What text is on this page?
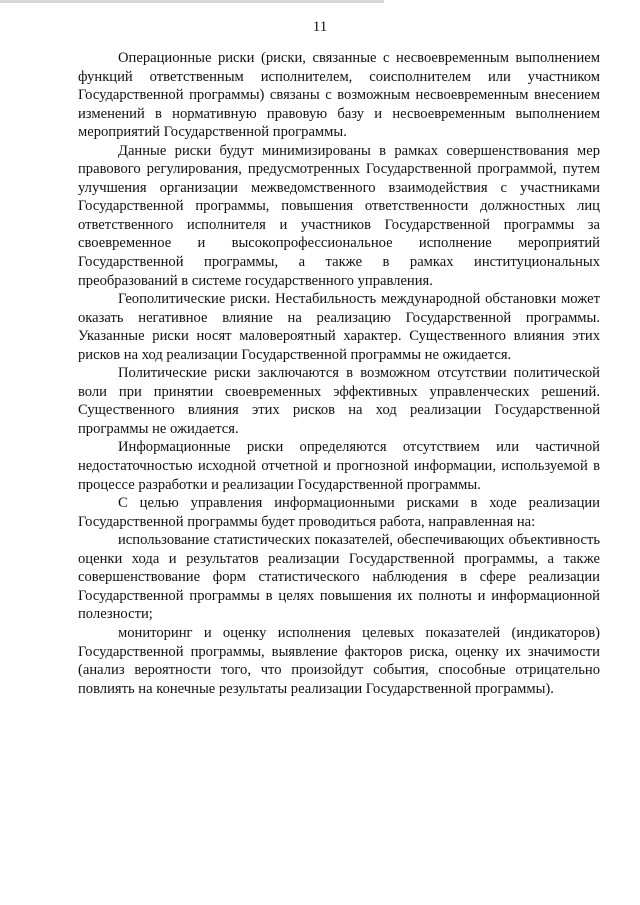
11

Операционные риски (риски, связанные с несвоевременным выполнением функций ответственным исполнителем, соисполнителем или участником Государственной программы) связаны с возможным несвоевременным внесением изменений в нормативную правовую базу и несвоевременным выполнением мероприятий Государственной программы.

Данные риски будут минимизированы в рамках совершенствования мер правового регулирования, предусмотренных Государственной программой, путем улучшения организации межведомственного взаимодействия с участниками Государственной программы, повышения ответственности должностных лиц ответственного исполнителя и участников Государственной программы за своевременное и высокопрофессиональное исполнение мероприятий Государственной программы, а также в рамках институциональных преобразований в системе государственного управления.

Геополитические риски. Нестабильность международной обстановки может оказать негативное влияние на реализацию Государственной программы. Указанные риски носят маловероятный характер. Существенного влияния этих рисков на ход реализации Государственной программы не ожидается.

Политические риски заключаются в возможном отсутствии политической воли при принятии своевременных эффективных управленческих решений. Существенного влияния этих рисков на ход реализации Государственной программы не ожидается.

Информационные риски определяются отсутствием или частичной недостаточностью исходной отчетной и прогнозной информации, используемой в процессе разработки и реализации Государственной программы.

С целью управления информационными рисками в ходе реализации Государственной программы будет проводиться работа, направленная на:

использование статистических показателей, обеспечивающих объективность оценки хода и результатов реализации Государственной программы, а также совершенствование форм статистического наблюдения в сфере реализации Государственной программы в целях повышения их полноты и информационной полезности;

мониторинг и оценку исполнения целевых показателей (индикаторов) Государственной программы, выявление факторов риска, оценку их значимости (анализ вероятности того, что произойдут события, способные отрицательно повлиять на конечные результаты реализации Государственной программы).
